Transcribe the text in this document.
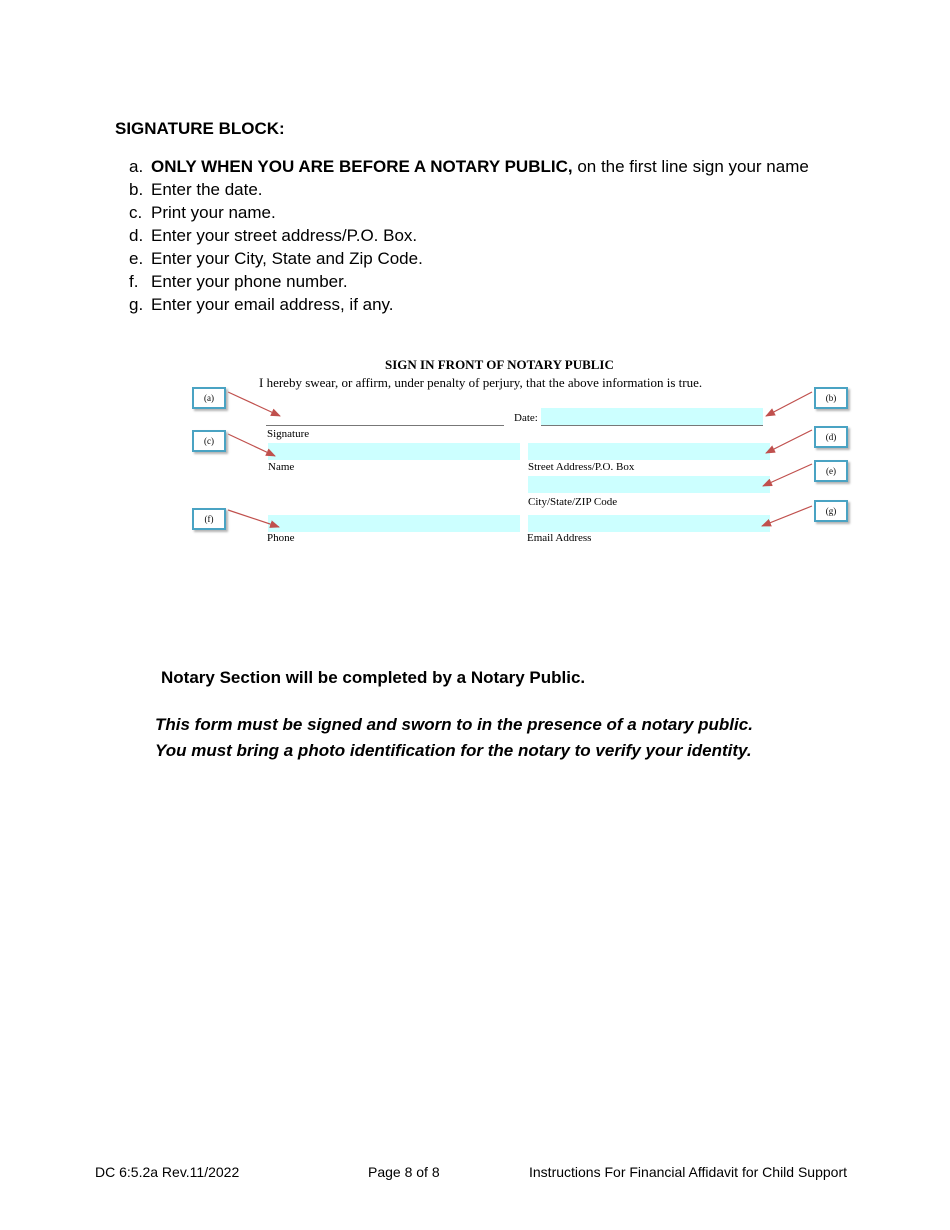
SIGNATURE BLOCK:
a. ONLY WHEN YOU ARE BEFORE A NOTARY PUBLIC, on the first line sign your name
b. Enter the date.
c. Print your name.
d. Enter your street address/P.O. Box.
e. Enter your City, State and Zip Code.
f. Enter your phone number.
g. Enter your email address, if any.
SIGN IN FRONT OF NOTARY PUBLIC
I hereby swear, or affirm, under penalty of perjury, that the above information is true.
Signature
Date:
Name	Street Address/P.O. Box
City/State/ZIP Code
Phone	Email Address
(a)	(b)
(c)	(d)
(e)
(f)
(g)
Notary Section will be completed by a Notary Public.
This form must be signed and sworn to in the presence of a notary public.
You must bring a photo identification for the notary to verify your identity.
DC 6:5.2a Rev.11/2022	Page 8 of 8	Instructions For Financial Affidavit for Child Support
